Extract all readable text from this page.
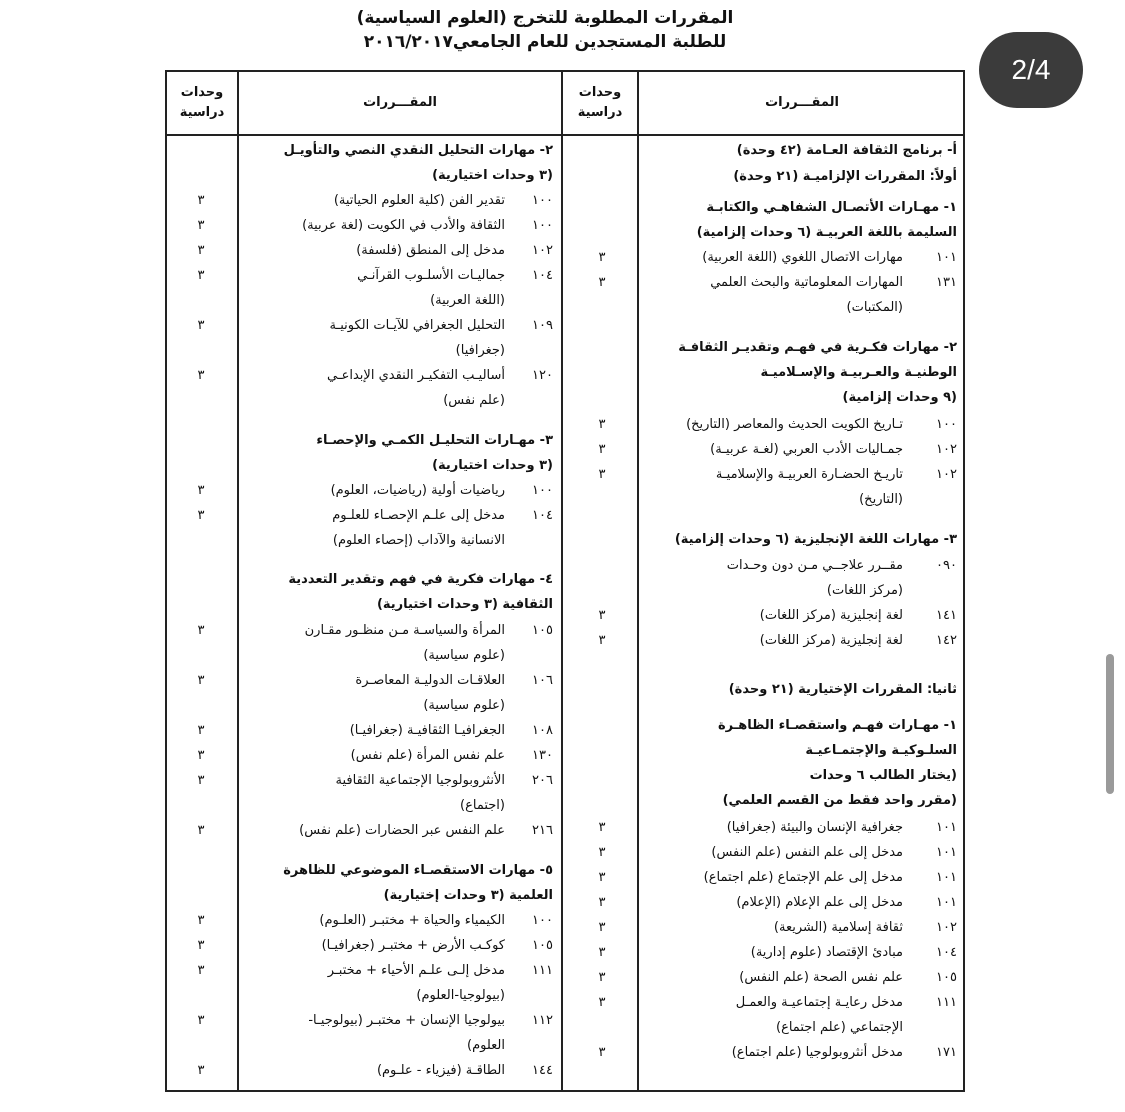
المقررات المطلوبة للتخرج (العلوم السياسية)
للطلبة المستجدين للعام الجامعي٢٠١٦/٢٠١٧
2/4
وحدات
دراسية
المقـــررات
وحدات
دراسية
المقـــررات
أ- برنامج الثقافة العـامة (٤٢ وحدة)
أولاً: المقررات الإلزاميـة (٢١ وحدة)
١- مهـارات الأتصـال الشفاهـي والكتابـة
السليمة باللغة العربيـة (٦ وحدات إلزامية)
١٠١
مهارات الاتصال اللغوي (اللغة العربية)
٣
١٣١
المهارات المعلوماتية والبحث العلمي
٣
(المكتبات)
٢- مهارات فكـرية في فهـم وتقديـر الثقافـة
الوطنيـة والعـربيـة والإسـلاميـة
(٩ وحدات إلزامية)
١٠٠
تـاريخ الكويت الحديث والمعاصر (التاريخ)
٣
١٠٢
جمـاليات الأدب العربي (لغـة عربيـة)
٣
١٠٢
تاريـخ الحضـارة العربيـة والإسلاميـة
٣
(التاريخ)
٣- مهارات اللغة الإنجليزية (٦ وحدات إلزامية)
٠٩٠
مقــرر علاجــي مـن دون وحـدات
(مركز اللغات)
١٤١
لغة إنجليزية (مركز اللغات)
٣
١٤٢
لغة إنجليزية (مركز اللغات)
٣
ثانيا: المقررات الإختيارية (٢١ وحدة)
١- مهـارات فهـم واستقصـاء الظاهـرة
السلـوكيـة والإجتمـاعيـة
(يختار الطالب ٦ وحدات
(مقرر واحد فقط من القسم العلمي)
١٠١
جغرافية الإنسان والبيئة (جغرافيا)
٣
١٠١
مدخل إلى علم النفس (علم النفس)
٣
١٠١
مدخل إلى علم الإجتماع (علم اجتماع)
٣
١٠١
مدخل إلى علم الإعلام (الإعلام)
٣
١٠٢
ثقافة إسلامية (الشريعة)
٣
١٠٤
مبادئ الإقتصاد (علوم إدارية)
٣
١٠٥
علم نفس الصحة (علم النفس)
٣
١١١
مدخل رعايـة إجتماعيـة والعمـل
٣
الإجتماعي (علم اجتماع)
١٧١
مدخل أنثروبولوجيا (علم اجتماع)
٣
٢- مهارات التحليل النقدي النصي والتأويـل
(٣ وحدات اختيارية)
١٠٠
تقدير الفن (كلية العلوم الحياتية)
٣
١٠٠
الثقافة والأدب في الكويت (لغة عربية)
٣
١٠٢
مدخل إلى المنطق (فلسفة)
٣
١٠٤
جماليـات الأسلـوب القرآنـي
٣
(اللغة العربية)
١٠٩
التحليل الجغرافي للآيـات الكونيـة
٣
(جغرافيا)
١٢٠
أساليـب التفكيـر النقدي الإبداعـي
٣
(علم نفس)
٣- مهـارات التحليـل الكمـي والإحصـاء
(٣ وحدات اختيارية)
١٠٠
رياضيات أولية (رياضيات، العلوم)
٣
١٠٤
مدخل إلى علـم الإحصـاء للعلـوم
٣
الانسانية والآداب (إحصاء العلوم)
٤- مهارات فكرية في فهم وتقدير التعددية
الثقافية (٣ وحدات اختيارية)
١٠٥
المرأة والسياسـة مـن منظـور مقـارن
٣
(علوم سياسية)
١٠٦
العلاقـات الدوليـة المعاصـرة
٣
(علوم سياسية)
١٠٨
الجغرافيـا الثقافيـة (جغرافيـا)
٣
١٣٠
علم نفس المرأة (علم نفس)
٣
٢٠٦
الأنثروبولوجيا الإجتماعية الثقافية
٣
(اجتماع)
٢١٦
علم النفس عبر الحضارات (علم نفس)
٣
٥- مهارات الاستقصـاء الموضوعي للظاهرة
العلمية (٣ وحدات إختيارية)
١٠٠
الكيمياء والحياة + مختبـر (العلـوم)
٣
١٠٥
كوكـب الأرض + مختبـر (جغرافيـا)
٣
١١١
مدخل إلـى علـم الأحياء + مختبـر
٣
(بيولوجيا-العلوم)
١١٢
بيولوجيا الإنسان + مختبـر (بيولوجيـا-
٣
العلوم)
١٤٤
الطاقـة (فيزياء - علـوم)
٣
